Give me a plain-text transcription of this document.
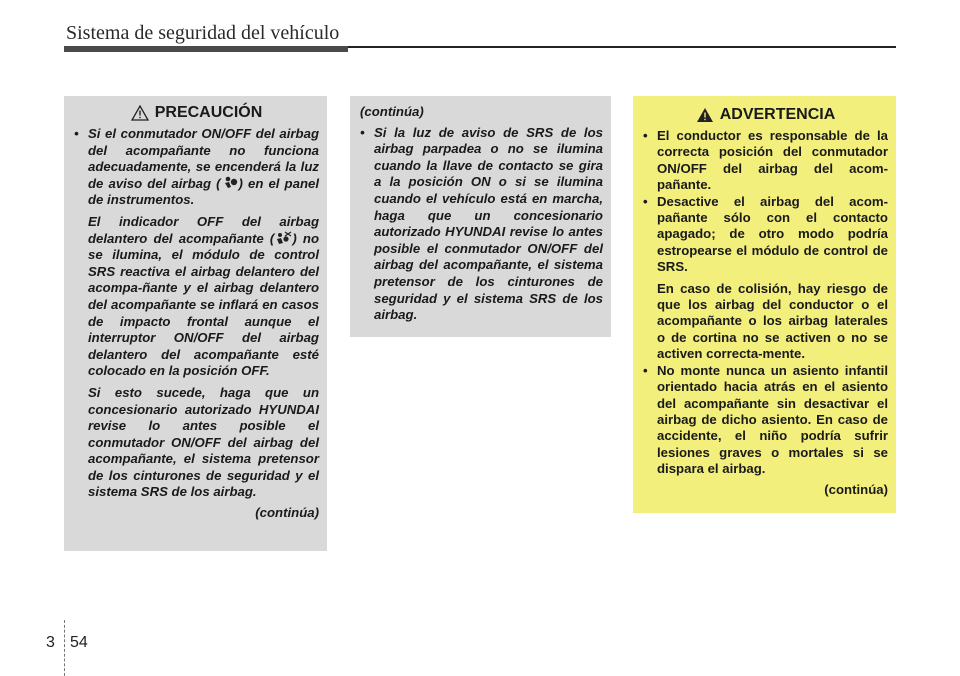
Sistema de seguridad del vehículo
PRECAUCIÓN
• Si el conmutador ON/OFF del airbag del acompañante no funciona adecuadamente, se encenderá la luz de aviso del airbag ( ) en el panel de instrumentos.
El indicador OFF del airbag delantero del acompañante ( ) no se ilumina, el módulo de control SRS reactiva el airbag delantero del acompa-ñante y el airbag delantero del acompañante se inflará en casos de impacto frontal aunque el interruptor ON/OFF del airbag delantero del acompañante esté colocado en la posición OFF.
Si esto sucede, haga que un concesionario autorizado HYUNDAI revise lo antes posible el conmutador ON/OFF del airbag del acompañante, el sistema pretensor de los cinturones de seguridad y el sistema SRS de los airbag.
(continúa)
(continúa)
• Si la luz de aviso de SRS de los airbag parpadea o no se ilumina cuando la llave de contacto se gira a la posición ON o si se ilumina cuando el vehículo está en marcha, haga que un concesionario autorizado HYUNDAI revise lo antes posible el conmutador ON/OFF del airbag del acompañante, el sistema pretensor de los cinturones de seguridad y el sistema SRS de los airbag.
ADVERTENCIA
• El conductor es responsable de la correcta posición del conmutador ON/OFF del airbag del acom-pañante.
• Desactive el airbag del acom-pañante sólo con el contacto apagado; de otro modo podría estropearse el módulo de control de SRS.
En caso de colisión, hay riesgo de que los airbag del conductor o el acompañante o los airbag laterales o de cortina no se activen o no se activen correcta-mente.
• No monte nunca un asiento infantil orientado hacia atrás en el asiento del acompañante sin desactivar el airbag de dicho asiento. En caso de accidente, el niño podría sufrir lesiones graves o mortales si se dispara el airbag.
(continúa)
3 54
